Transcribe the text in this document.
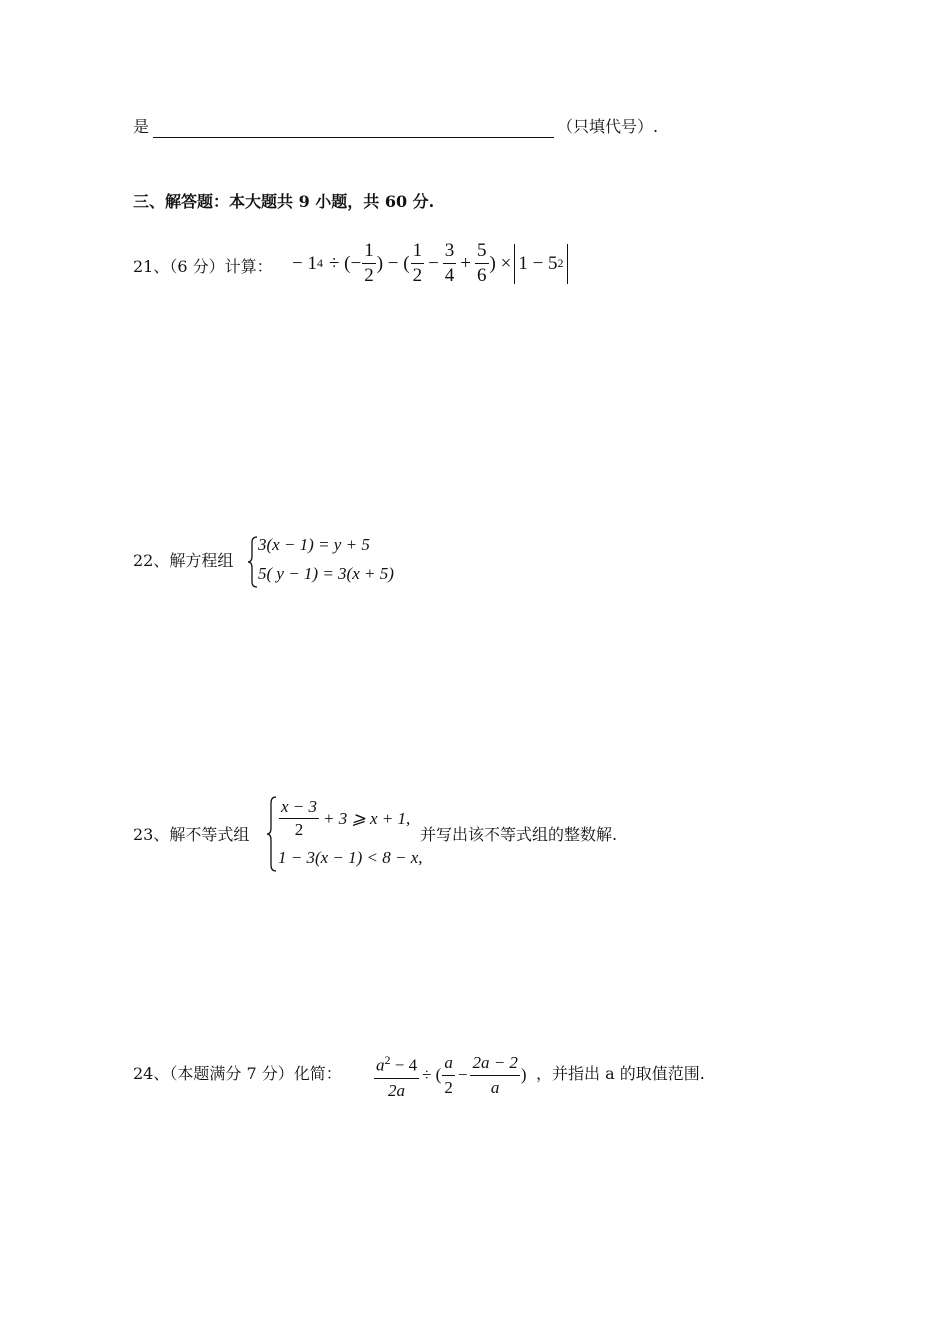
是	（只填代号）.
三、解答题：本大题共 9 小题，共 60 分.
21、（6 分）计算： − 1 4 ÷ (− $\frac{1}{2}$ ) − ( $\frac{1}{2} - \frac{3}{4} + \frac{5}{6}$ ) × 1 − 5 2
22、解方程组
3(x − 1) = y + 5
5( y − 1) = 3(x + 5)
23、解不等式组 $\frac{x - 3}{2} + 3$ ⩾ x + 1,
1 − 3(x − 1) < 8 − x,
并写出该不等式组的整数解.
24、（本题满分 7 分）化简： $\frac{a^2 - 4}{2a}$ ÷ ( $\frac{a}{2} - \frac{2a - 2}{a}$ ) ，并指出 a 的取值范围.
